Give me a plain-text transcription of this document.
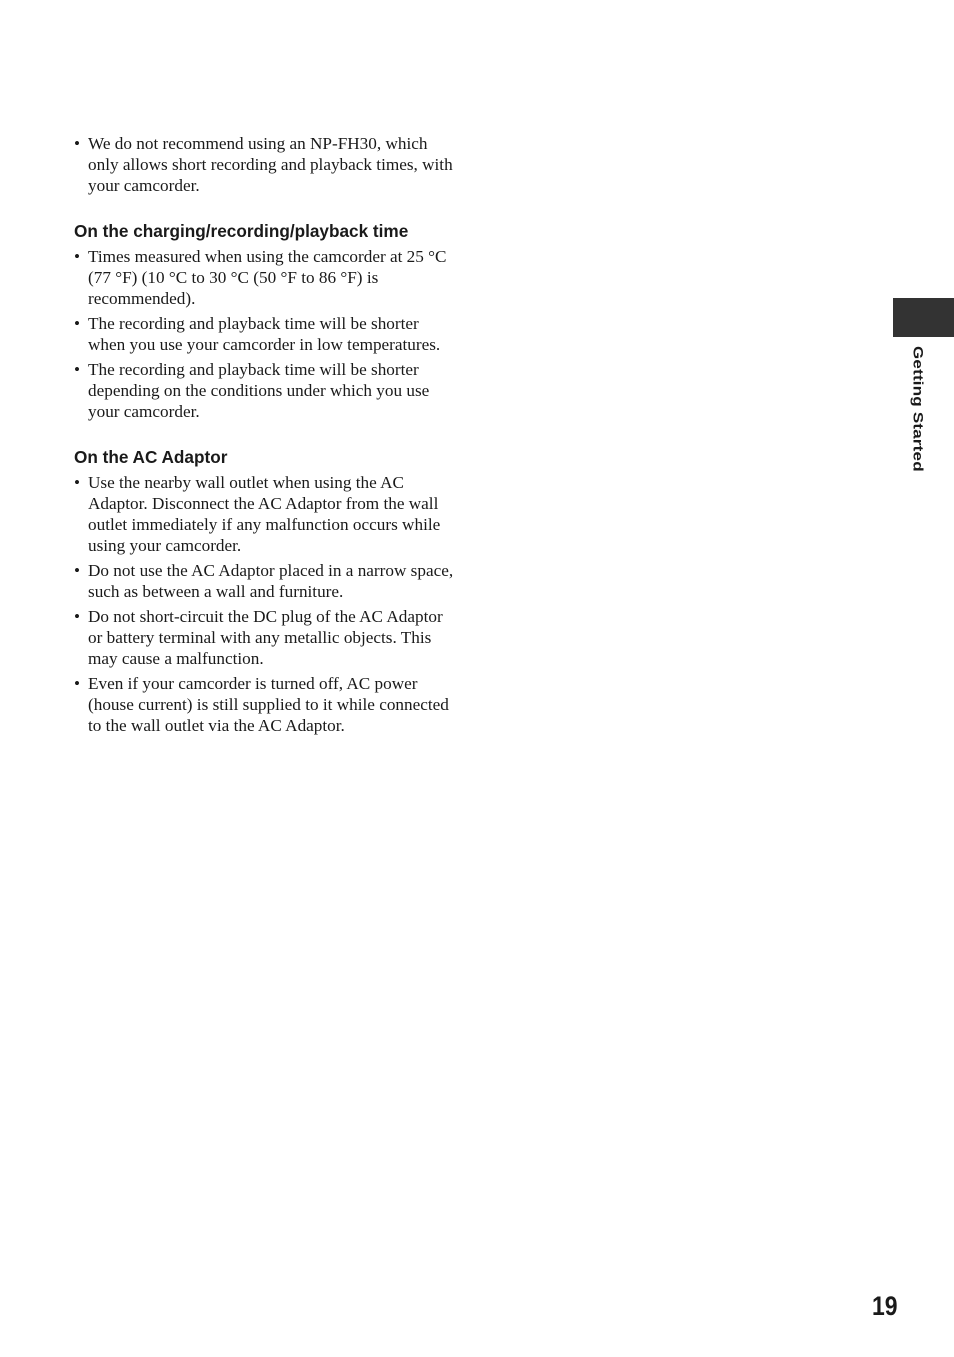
• We do not recommend using an NP-FH30, which only allows short recording and playback times, with your camcorder.
On the charging/recording/playback time
• Times measured when using the camcorder at 25 °C (77 °F) (10 °C to 30 °C (50 °F to 86 °F) is recommended).
• The recording and playback time will be shorter when you use your camcorder in low temperatures.
• The recording and playback time will be shorter depending on the conditions under which you use your camcorder.
On the AC Adaptor
• Use the nearby wall outlet when using the AC Adaptor. Disconnect the AC Adaptor from the wall outlet immediately if any malfunction occurs while using your camcorder.
• Do not use the AC Adaptor placed in a narrow space, such as between a wall and furniture.
• Do not short-circuit the DC plug of the AC Adaptor or battery terminal with any metallic objects. This may cause a malfunction.
• Even if your camcorder is turned off, AC power (house current) is still supplied to it while connected to the wall outlet via the AC Adaptor.
Getting Started
19
